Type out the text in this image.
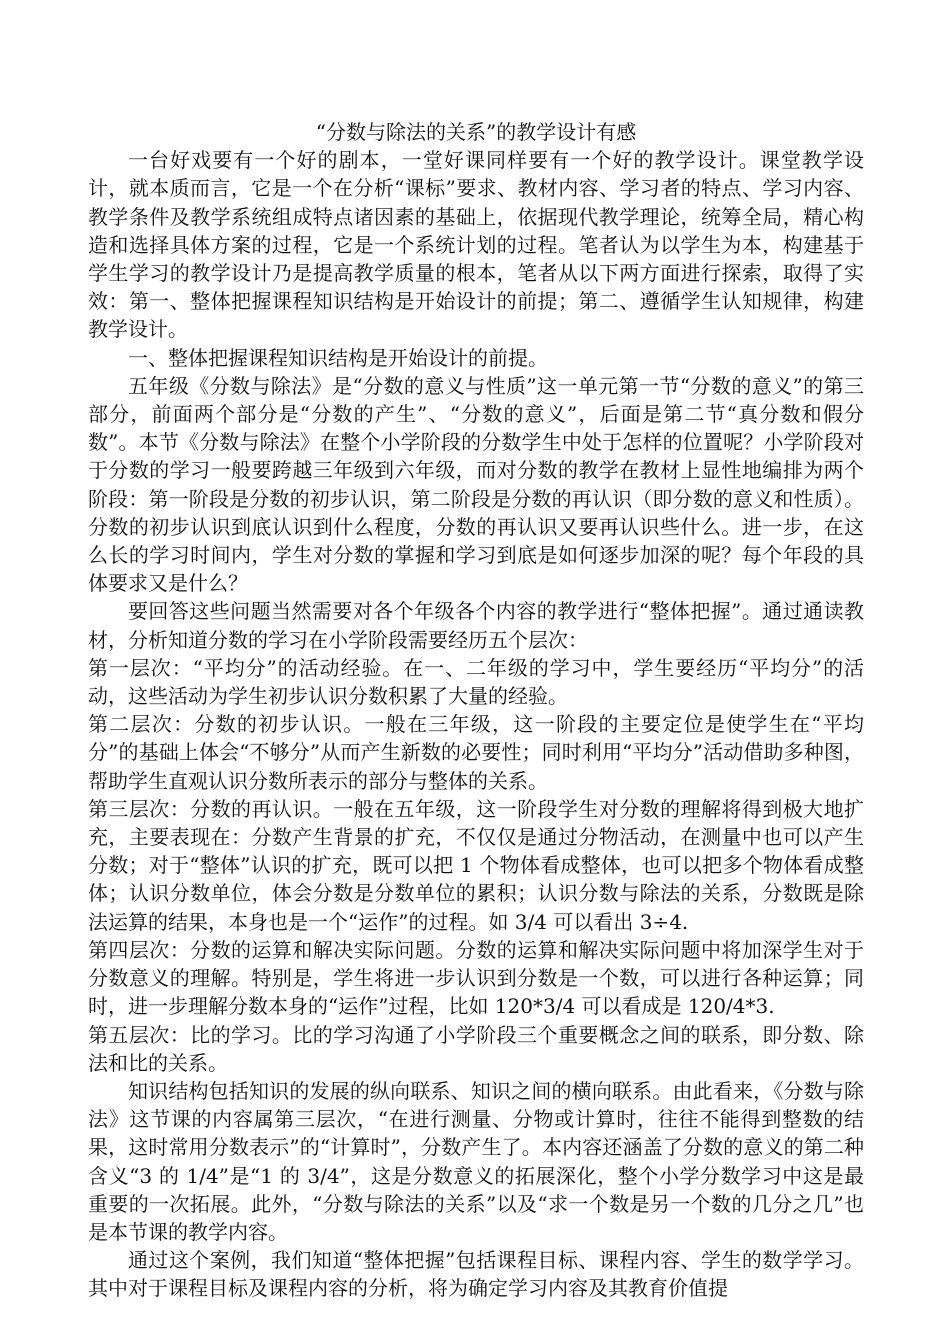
“分数与除法的关系”的教学设计有感

一台好戏要有一个好的剧本，一堂好课同样要有一个好的教学设计。课堂教学设计，就本质而言，它是一个在分析“课标”要求、教材内容、学习者的特点、学习内容、教学条件及教学系统组成特点诸因素的基础上，依据现代教学理论，统筹全局，精心构造和选择具体方案的过程，它是一个系统计划的过程。笔者认为以学生为本，构建基于学生学习的教学设计乃是提高教学质量的根本，笔者从以下两方面进行探索，取得了实效：第一、整体把握课程知识结构是开始设计的前提；第二、遵循学生认知规律，构建教学设计。

一、整体把握课程知识结构是开始设计的前提。

五年级《分数与除法》是“分数的意义与性质”这一单元第一节“分数的意义”的第三部分，前面两个部分是“分数的产生”、“分数的意义”，后面是第二节“真分数和假分数”。本节《分数与除法》在整个小学阶段的分数学生中处于怎样的位置呢？小学阶段对于分数的学习一般要跨越三年级到六年级，而对分数的教学在教材上显性地编排为两个阶段：第一阶段是分数的初步认识，第二阶段是分数的再认识（即分数的意义和性质）。分数的初步认识到底认识到什么程度，分数的再认识又要再认识些什么。进一步，在这么长的学习时间内，学生对分数的掌握和学习到底是如何逐步加深的呢？每个年段的具体要求又是什么？

要回答这些问题当然需要对各个年级各个内容的教学进行“整体把握”。通过通读教材，分析知道分数的学习在小学阶段需要经历五个层次：

第一层次：“平均分”的活动经验。在一、二年级的学习中，学生要经历“平均分”的活动，这些活动为学生初步认识分数积累了大量的经验。

第二层次：分数的初步认识。一般在三年级，这一阶段的主要定位是使学生在“平均分”的基础上体会“不够分”从而产生新数的必要性；同时利用“平均分”活动借助多种图，帮助学生直观认识分数所表示的部分与整体的关系。

第三层次：分数的再认识。一般在五年级，这一阶段学生对分数的理解将得到极大地扩充，主要表现在：分数产生背景的扩充，不仅仅是通过分物活动，在测量中也可以产生分数；对于“整体”认识的扩充，既可以把 1 个物体看成整体，也可以把多个物体看成整体；认识分数单位，体会分数是分数单位的累积；认识分数与除法的关系，分数既是除法运算的结果，本身也是一个“运作”的过程。如 3/4 可以看出 3÷4.

第四层次：分数的运算和解决实际问题。分数的运算和解决实际问题中将加深学生对于分数意义的理解。特别是，学生将进一步认识到分数是一个数，可以进行各种运算；同时，进一步理解分数本身的“运作”过程，比如 120*3/4 可以看成是 120/4*3.

第五层次：比的学习。比的学习沟通了小学阶段三个重要概念之间的联系，即分数、除法和比的关系。

知识结构包括知识的发展的纵向联系、知识之间的横向联系。由此看来，《分数与除法》这节课的内容属第三层次，“在进行测量、分物或计算时，往往不能得到整数的结果，这时常用分数表示”的“计算时”，分数产生了。本内容还涵盖了分数的意义的第二种含义“3 的 1/4”是“1 的 3/4”，这是分数意义的拓展深化，整个小学分数学习中这是最重要的一次拓展。此外，“分数与除法的关系”以及“求一个数是另一个数的几分之几”也是本节课的教学内容。

通过这个案例，我们知道“整体把握”包括课程目标、课程内容、学生的数学学习。其中对于课程目标及课程内容的分析，将为确定学习内容及其教育价值提
